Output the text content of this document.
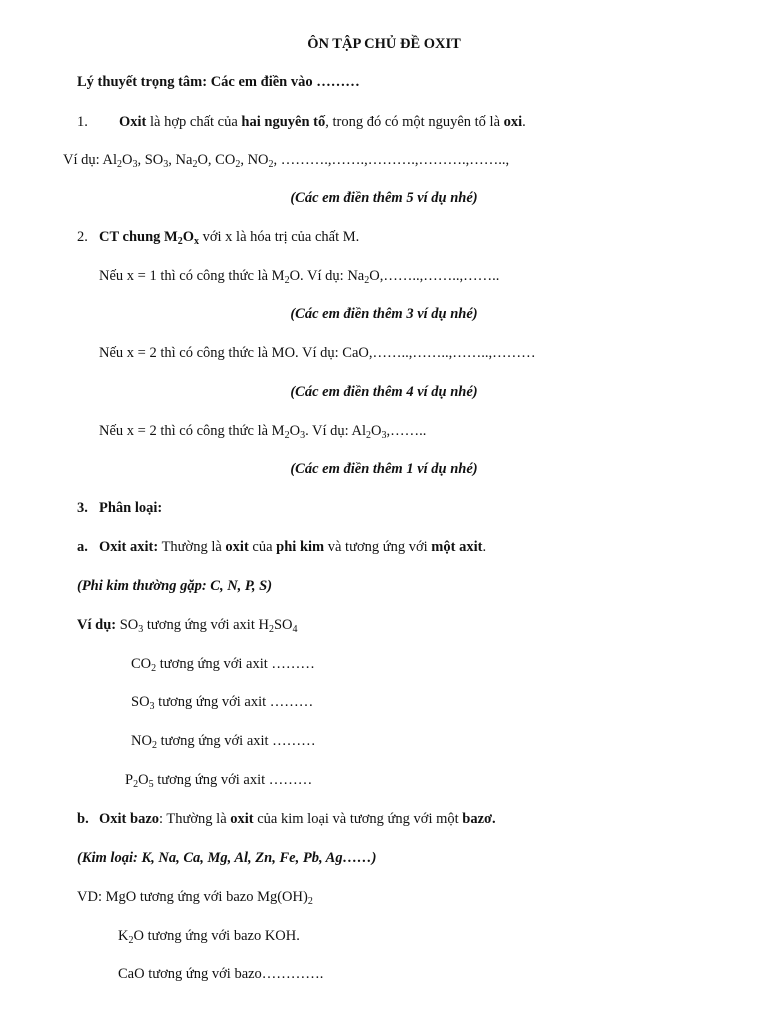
ÔN TẬP CHỦ ĐỀ OXIT
Lý thuyết trọng tâm: Các em điền vào ………
1. Oxit là hợp chất của hai nguyên tố, trong đó có một nguyên tố là oxi.
Ví dụ: $Al_2O_3$, $SO_3$, $Na_2O$, $CO_2$, $NO_2$, ……….,…….,……….,……….,……..,
(Các em điền thêm 5 ví dụ nhé)
2. CT chung $M_2O_x$ với x là hóa trị của chất M.
Nếu x = 1 thì có công thức là $M_2O$. Ví dụ: $Na_2O,\dots\dots..,\dots\dots..,\dots\dots$..
(Các em điền thêm 3 ví dụ nhé)
Nếu x = 2 thì có công thức là MO. Ví dụ: CaO,……..,……..,……..,………
(Các em điền thêm 4 ví dụ nhé)
Nếu x = 2 thì có công thức là $M_2O_3$. Ví dụ: $Al_2O_3,\dots\dots$..
(Các em điền thêm 1 ví dụ nhé)
3. Phân loại:
a. Oxit axit: Thường là oxit của phi kim và tương ứng với một axit.
(Phi kim thường gặp: C, N, P, S)
Ví dụ: $SO_3$ tương ứng với axit $H_2SO_4$
$CO_2$ tương ứng với axit ………
$SO_3$ tương ứng với axit ………
$NO_2$ tương ứng với axit ………
$P_2O_5$ tương ứng với axit ………
b. Oxit bazo: Thường là oxit của kim loại và tương ứng với một bazơ.
(Kim loại: K, Na, Ca, Mg, Al, Zn, Fe, Pb, Ag……)
VD: MgO tương ứng với bazo $Mg(OH)_2$
$K_2O$ tương ứng với bazo KOH.
CaO tương ứng với bazo………….
